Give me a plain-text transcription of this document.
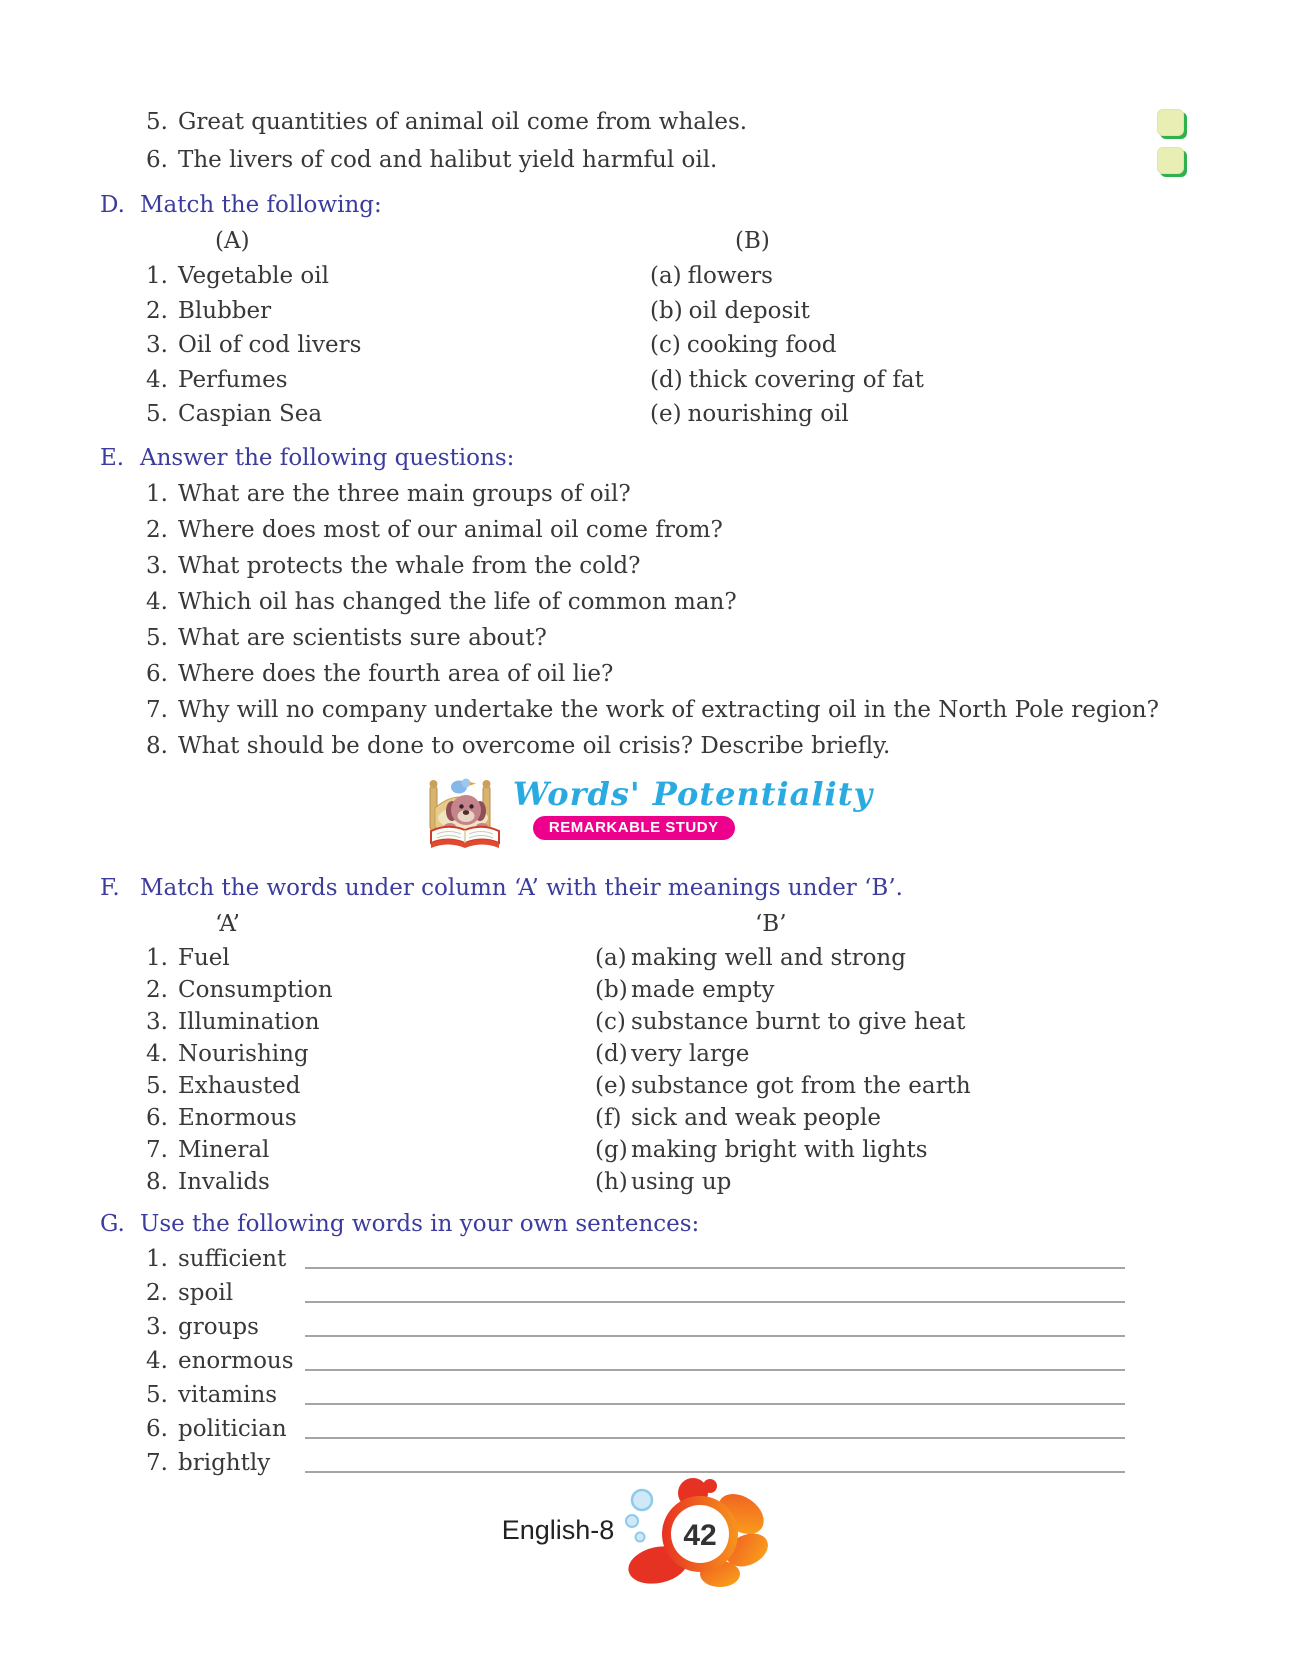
5. Great quantities of animal oil come from whales.
6. The livers of cod and halibut yield harmful oil.
D. Match the following:
(A)	(B)
1. Vegetable oil
2. Blubber
3. Oil of cod livers
4. Perfumes
5. Caspian Sea
(a) flowers
(b) oil deposit
(c) cooking food
(d) thick covering of fat
(e) nourishing oil
E. Answer the following questions:
1. What are the three main groups of oil?
2. Where does most of our animal oil come from?
3. What protects the whale from the cold?
4. Which oil has changed the life of common man?
5. What are scientists sure about?
6. Where does the fourth area of oil lie?
7. Why will no company undertake the work of extracting oil in the North Pole region?
8. What should be done to overcome oil crisis? Describe briefly.
Words' Potentiality
REMARKABLE STUDY
F. Match the words under column ‘A’ with their meanings under ‘B’.
‘A’	‘B’
1. Fuel
2. Consumption
3. Illumination
4. Nourishing
5. Exhausted
6. Enormous
7. Mineral
8. Invalids
(a) making well and strong
(b) made empty
(c) substance burnt to give heat
(d) very large
(e) substance got from the earth
(f) sick and weak people
(g) making bright with lights
(h) using up
G. Use the following words in your own sentences:
1. sufficient
2. spoil
3. groups
4. enormous
5. vitamins
6. politician
7. brightly
English-8 42
